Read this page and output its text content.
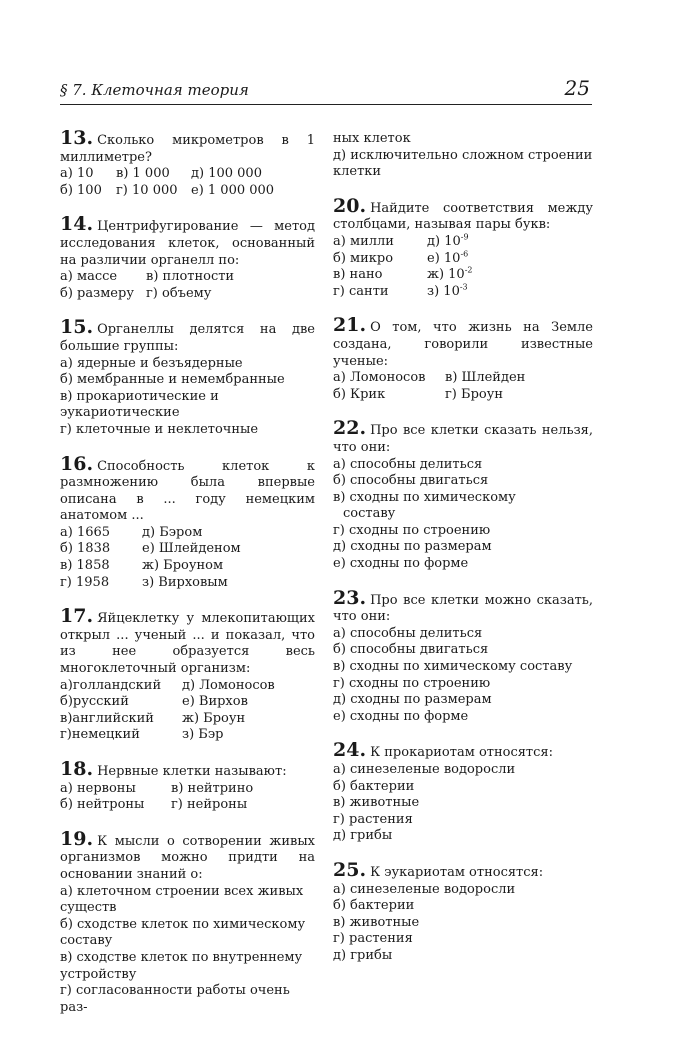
§ 7. Клеточная теория	25

13. Сколько микрометров в 1 миллиметре?

а) 10	в) 1 000	д) 100 000
б) 100	г) 10 000	е) 1 000 000

14. Центрифугирование — метод исследования клеток, основанный на различии органелл по:

а) массе	в) плотности
б) размеру г) объему

15. Органеллы делятся на две большие группы:

а) ядерные и безъядерные

б) мембранные и немембранные

в) прокариотические и эукариотические

г) клеточные и неклеточные

16. Способность клеток к размножению была впервые описана в ... году немецким анатомом ...

а) 1665	д) Бэром
б) 1838	е) Шлейденом
в) 1858	ж) Броуном
г) 1958	з) Вирховым

17. Яйцеклетку у млекопитающих открыл ... ученый ... и показал, что из нее образуется весь многоклеточный организм:

а)голландский	д) Ломоносов
б)русский	е) Вирхов
в)английский	ж) Броун
г)немецкий	з) Бэр

18. Нервные клетки называют:

а) нервоны	в) нейтрино
б) нейтроны	г) нейроны

19. К мысли о сотворении живых организмов можно придти на основании знаний о:

а) клеточном строении всех живых существ

б) сходстве клеток по химическому составу

в) сходстве клеток по внутреннему устройству

г) согласованности работы очень раз-

ных клеток

д) исключительно сложном строении клетки

20. Найдите соответствия между столбцами, называя пары букв:

а) милли	д) $10^{-9}$
б) микро	е) $10^{-6}$
в) нано	ж) $10^{-2}$
г) санти	з) $10^{-3}$

21. О том, что жизнь на Земле создана, говорили известные ученые:

а) Ломоносов	в) Шлейден
б) Крик	г) Броун

22. Про все клетки сказать нельзя, что они:

а) способны делиться

б) способны двигаться

в) сходны по химическому

составу

г) сходны по строению

д) сходны по размерам

е) сходны по форме

23. Про все клетки можно сказать, что они:

а) способны делиться

б) способны двигаться

в) сходны по химическому составу

г) сходны по строению

д) сходны по размерам

е) сходны по форме

24. К прокариотам относятся:

а) синезеленые водоросли

б) бактерии

в) животные

г) растения

д) грибы

25. К эукариотам относятся:

а) синезеленые водоросли

б) бактерии

в) животные

г) растения

д) грибы
